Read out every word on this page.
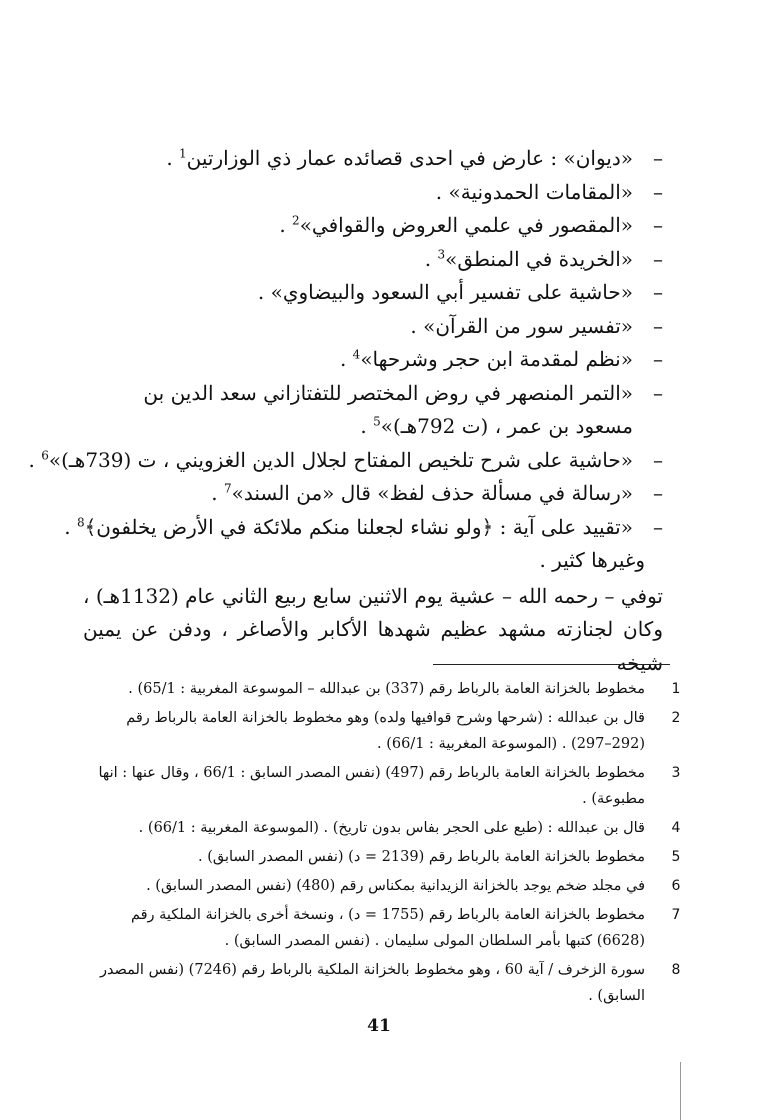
–
«ديوان» : عارض في احدى قصائده عمار ذي الوزارتين$^1$ .
–
«المقامات الحمدونية» .
–
«المقصور في علمي العروض والقوافي»$^2$ .
–
«الخريدة في المنطق»$^3$ .
–
«حاشية على تفسير أبي السعود والبيضاوي» .
–
«تفسير سور من القرآن» .
–
«نظم لمقدمة ابن حجر وشرحها»$^4$ .
–
«التمر المنصهر في روض المختصر للتفتازاني سعد الدين بن مسعود بن عمر ، (ت 792هـ)»$^5$ .
–
«حاشية على شرح تلخيص المفتاح لجلال الدين الغزويني ، ت (739هـ)»$^6$ .
–
«رسالة في مسألة حذف لفظ» قال «من السند»$^7$ .
–
«تقييد على آية : ﴿ولو نشاء لجعلنا منكم ملائكة في الأرض يخلفون﴾$^8$ .
وغيرها كثير .
توفي – رحمه الله – عشية يوم الاثنين سابع ربيع الثاني عام (1132هـ) ، وكان لجنازته مشهد عظيم شهدها الأكابر والأصاغر ، ودفن عن يمين شيخه
1
مخطوط بالخزانة العامة بالرباط رقم (337) بن عبدالله – الموسوعة المغربية : 65/1) .
2
قال بن عبدالله : (شرحها وشرح قوافيها ولده) وهو مخطوط بالخزانة العامة بالرباط رقم (292–297) . (الموسوعة المغربية : 66/1) .
3
مخطوط بالخزانة العامة بالرباط رقم (497) (نفس المصدر السابق : 66/1 ، وقال عنها : انها مطبوعة) .
4
قال بن عبدالله : (طبع على الحجر بفاس بدون تاريخ) . (الموسوعة المغربية : 66/1) .
5
مخطوط بالخزانة العامة بالرباط رقم (2139 = د) (نفس المصدر السابق) .
6
في مجلد ضخم يوجد بالخزانة الزيدانية بمكناس رقم (480) (نفس المصدر السابق) .
7
مخطوط بالخزانة العامة بالرباط رقم (1755 = د) ، ونسخة أخرى بالخزانة الملكية رقم (6628) كتبها بأمر السلطان المولى سليمان . (نفس المصدر السابق) .
8
سورة الزخرف / آية 60 ، وهو مخطوط بالخزانة الملكية بالرباط رقم (7246) (نفس المصدر السابق) .
41
